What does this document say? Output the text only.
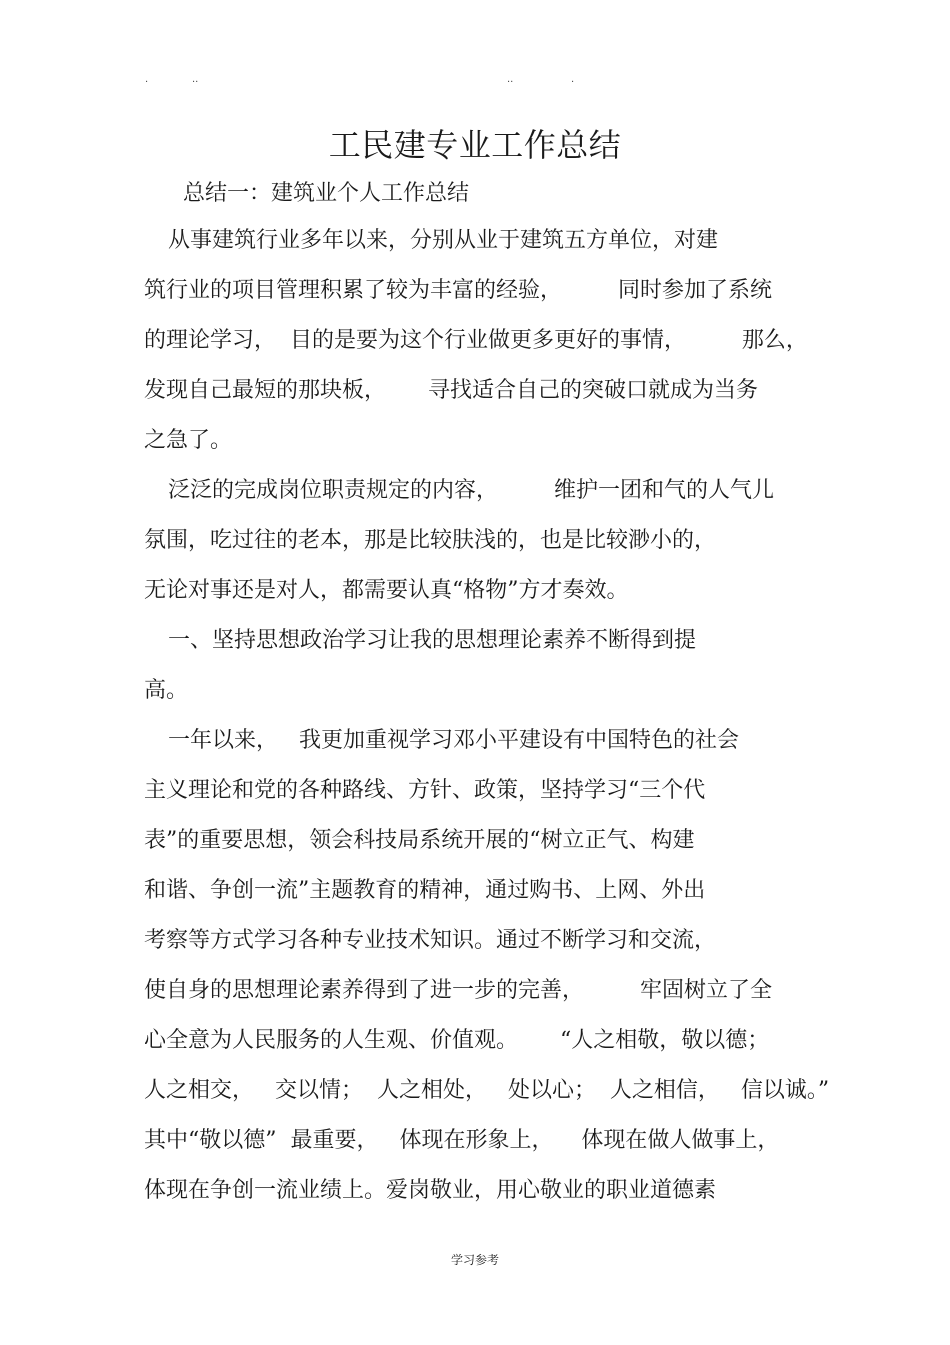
.	..	..	.
工民建专业工作总结

总结一：建筑业个人工作总结

从事建筑行业多年以来，分别从业于建筑五方单位，对建
筑行业的项目管理积累了较为丰富的经验，        同时参加了系统
的理论学习，  目的是要为这个行业做更多更好的事情，        那么，
发现自己最短的那块板，      寻找适合自己的突破口就成为当务
之急了。
泛泛的完成岗位职责规定的内容，        维护一团和气的人气儿
氛围，吃过往的老本，那是比较肤浅的，也是比较渺小的，
无论对事还是对人，都需要认真“格物”方才奏效。
一、坚持思想政治学习让我的思想理论素养不断得到提
高。
一年以来，   我更加重视学习邓小平建设有中国特色的社会
主义理论和党的各种路线、方针、政策，坚持学习“三个代
表”的重要思想，领会科技局系统开展的“树立正气、构建
和谐、争创一流”主题教育的精神，通过购书、上网、外出
考察等方式学习各种专业技术知识。通过不断学习和交流，
使自身的思想理论素养得到了进一步的完善，        牢固树立了全
心全意为人民服务的人生观、价值观。      “人之相敬，敬以德；
人之相交，   交以情；  人之相处，   处以心；  人之相信，   信以诚。”
其中“敬以德”  最重要，   体现在形象上，    体现在做人做事上，
体现在争创一流业绩上。爱岗敬业，用心敬业的职业道德素
学习参考
